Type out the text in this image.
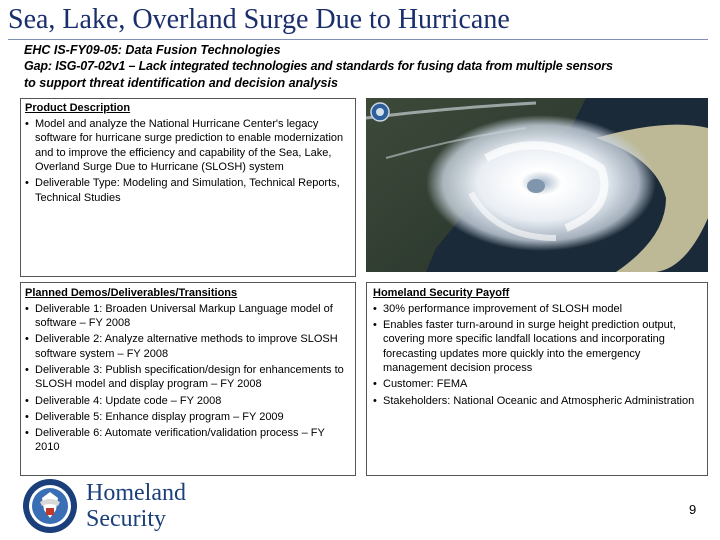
Sea, Lake, Overland Surge Due to Hurricane
EHC IS-FY09-05: Data Fusion Technologies
Gap: ISG-07-02v1 – Lack integrated technologies and standards for fusing data from multiple sensors
to support threat identification and decision analysis
Product Description
• Model and analyze the National Hurricane Center's legacy software for hurricane surge prediction to enable modernization and to improve the efficiency and capability of the Sea, Lake, Overland Surge Due to Hurricane (SLOSH) system
• Deliverable Type: Modeling and Simulation, Technical Reports, Technical Studies
Planned Demos/Deliverables/Transitions
• Deliverable 1: Broaden Universal Markup Language model of software – FY 2008
• Deliverable 2: Analyze alternative methods to improve SLOSH software system – FY 2008
• Deliverable 3: Publish specification/design for enhancements to SLOSH model and display program – FY 2008
• Deliverable 4: Update code – FY 2008
• Deliverable 5: Enhance display program – FY 2009
• Deliverable 6: Automate verification/validation process – FY 2010
Homeland Security Payoff
• 30% performance improvement of SLOSH model
• Enables faster turn-around in surge height prediction output, covering more specific landfall locations and incorporating forecasting updates more quickly into the emergency management decision process
• Customer: FEMA
• Stakeholders: National Oceanic and Atmospheric Administration
Homeland
Security	9
